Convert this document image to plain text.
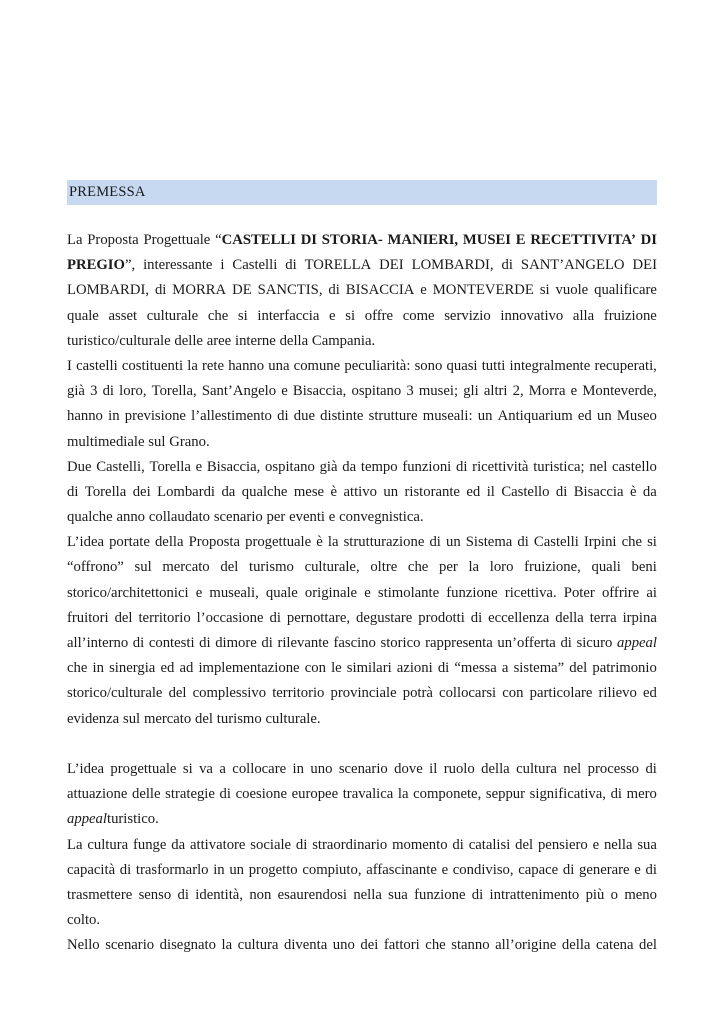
PREMESSA
La Proposta Progettuale “CASTELLI DI STORIA- MANIERI, MUSEI E RECETTIVITA’ DI
PREGIO”, interessante i Castelli di TORELLA DEI LOMBARDI, di SANT’ANGELO DEI
LOMBARDI, di MORRA DE SANCTIS, di BISACCIA e MONTEVERDE si vuole qualificare
quale asset culturale che si interfaccia e si offre come servizio innovativo alla fruizione
turistico/culturale delle aree interne della Campania.
I castelli costituenti la rete hanno una comune peculiarità: sono quasi tutti integralmente recuperati,
già 3 di loro, Torella, Sant’Angelo e Bisaccia, ospitano 3 musei; gli altri 2, Morra e Monteverde,
hanno in previsione l’allestimento di due distinte strutture museali: un Antiquarium ed un Museo
multimediale sul Grano.
Due Castelli, Torella e Bisaccia, ospitano già da tempo funzioni di ricettività turistica; nel castello
di Torella dei Lombardi da qualche mese è attivo un ristorante ed il Castello di Bisaccia è da
qualche anno collaudato scenario per eventi e convegnistica.
L’idea portate della Proposta progettuale è la strutturazione di un Sistema di Castelli Irpini che si
“offrono” sul mercato del turismo culturale, oltre che per la loro fruizione, quali beni
storico/architettonici e museali, quale originale e stimolante funzione ricettiva. Poter offrire ai
fruitori del territorio l’occasione di pernottare, degustare prodotti di eccellenza della terra irpina
all’interno di contesti di dimore di rilevante fascino storico rappresenta un’offerta di sicuro appeal
che in sinergia ed ad implementazione con le similari azioni di “messa a sistema” del patrimonio
storico/culturale del complessivo territorio provinciale potrà collocarsi con particolare rilievo ed
evidenza sul mercato del turismo culturale.
L’idea progettuale si va a collocare in uno scenario dove il ruolo della cultura nel processo di
attuazione delle strategie di coesione europee travalica la componete, seppur significativa, di mero
appealturistico.
La cultura funge da attivatore sociale di straordinario momento di catalisi del pensiero e nella sua
capacità di trasformarlo in un progetto compiuto, affascinante e condiviso, capace di generare e di
trasmettere senso di identità, non esaurendosi nella sua funzione di intrattenimento più o meno
colto.
Nello scenario disegnato la cultura diventa uno dei fattori che stanno all’origine della catena del
